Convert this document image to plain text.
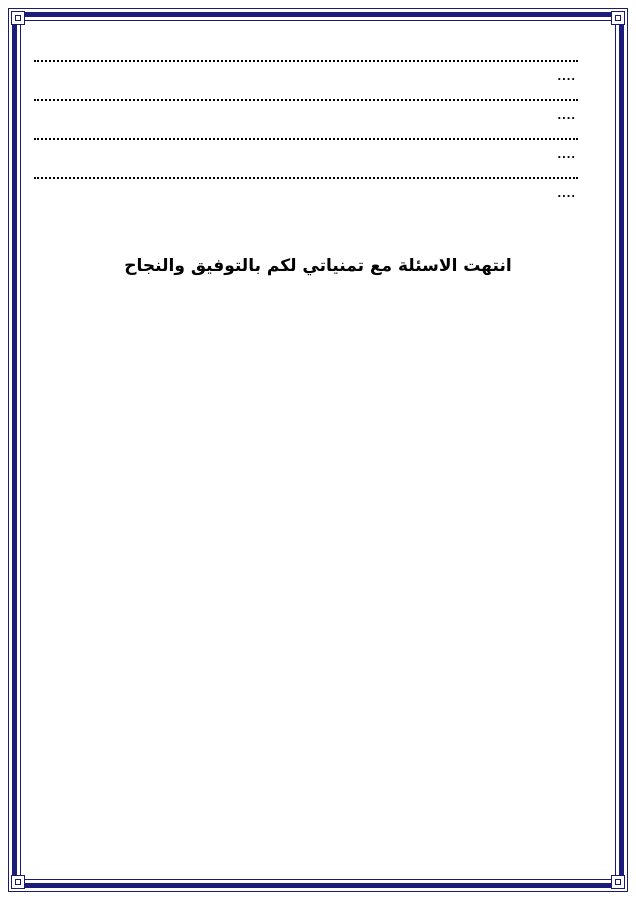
....
....
....
....
انتهت الاسئلة مع تمنياتي لكم بالتوفيق والنجاح
